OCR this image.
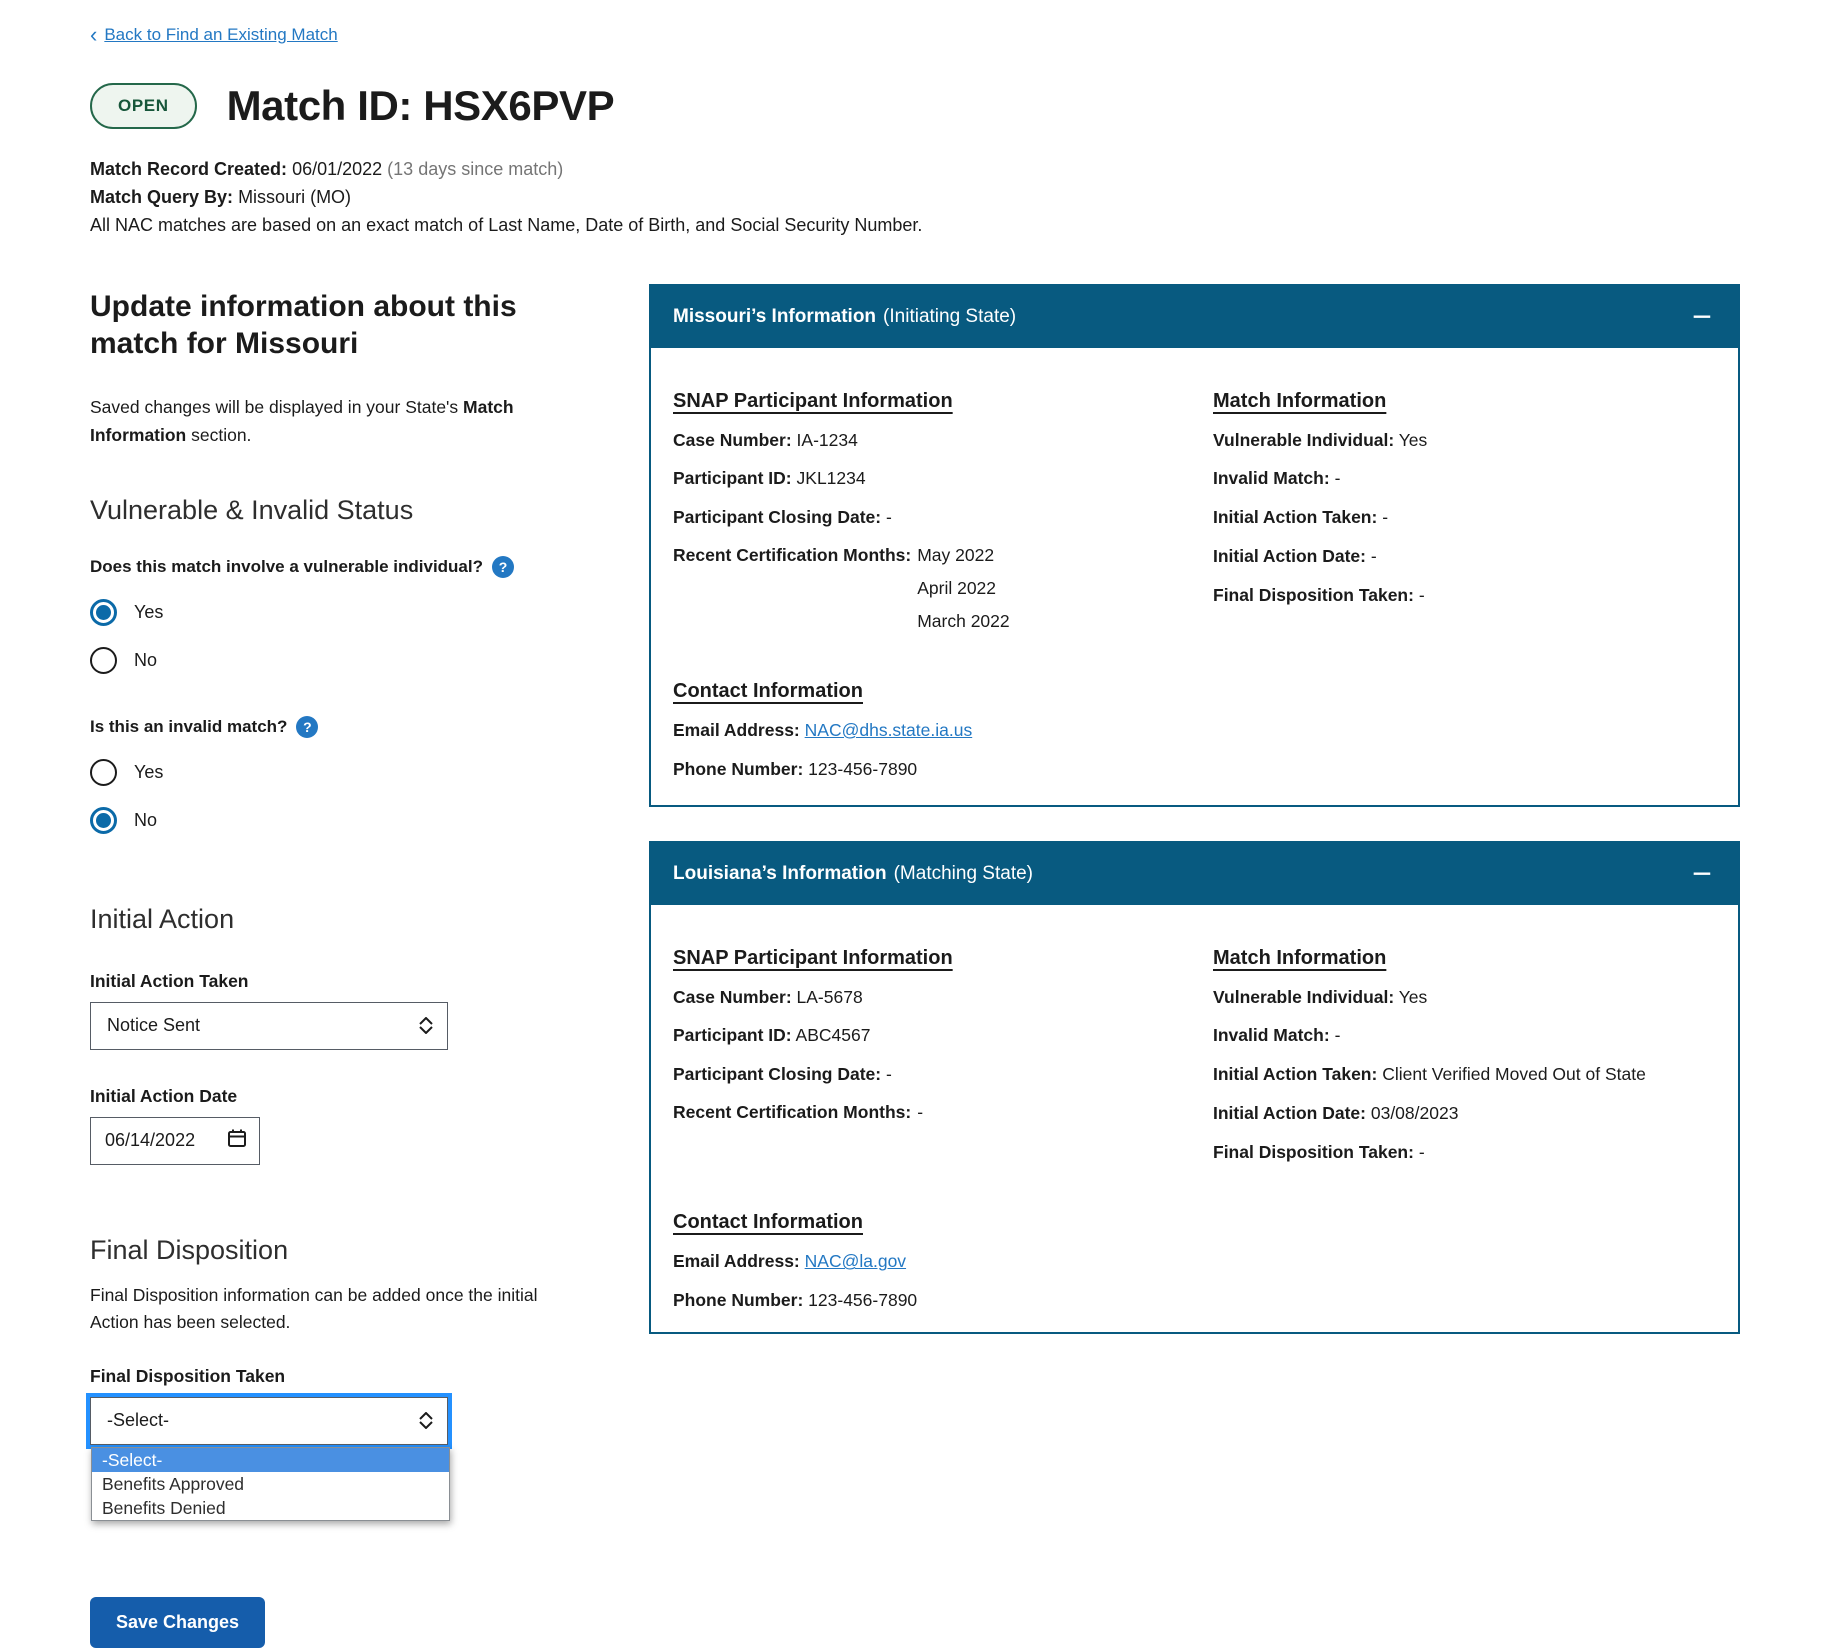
‹ Back to Find an Existing Match
OPEN	Match ID: HSX6PVP
Match Record Created: 06/01/2022 (13 days since match)
Match Query By: Missouri (MO)
All NAC matches are based on an exact match of Last Name, Date of Birth, and Social Security Number.
Update information about this match for Missouri

Saved changes will be displayed in your State's Match Information section.

Vulnerable & Invalid Status
Does this match involve a vulnerable individual?	?
Yes
No
Is this an invalid match?	?
Yes
No
Initial Action
Initial Action Taken
Notice Sent
Initial Action Date
06/14/2022
Final Disposition

Final Disposition information can be added once the initial Action has been selected.

Final Disposition Taken
-Select-
-Select-
Benefits Approved
Benefits Denied
Save Changes
Missouri’s Information (Initiating State)	−
SNAP Participant Information
Case Number: IA-1234
Participant ID: JKL1234
Participant Closing Date: -
Recent Certification Months: May 2022
April 2022
March 2022
Match Information
Vulnerable Individual: Yes
Invalid Match: -
Initial Action Taken: -
Initial Action Date: -
Final Disposition Taken: -
Contact Information
Email Address: NAC@dhs.state.ia.us
Phone Number: 123-456-7890
Louisiana’s Information (Matching State)	−
SNAP Participant Information
Case Number: LA-5678
Participant ID: ABC4567
Participant Closing Date: -
Recent Certification Months: -
Match Information
Vulnerable Individual: Yes
Invalid Match: -
Initial Action Taken: Client Verified Moved Out of State
Initial Action Date: 03/08/2023
Final Disposition Taken: -
Contact Information
Email Address: NAC@la.gov
Phone Number: 123-456-7890
